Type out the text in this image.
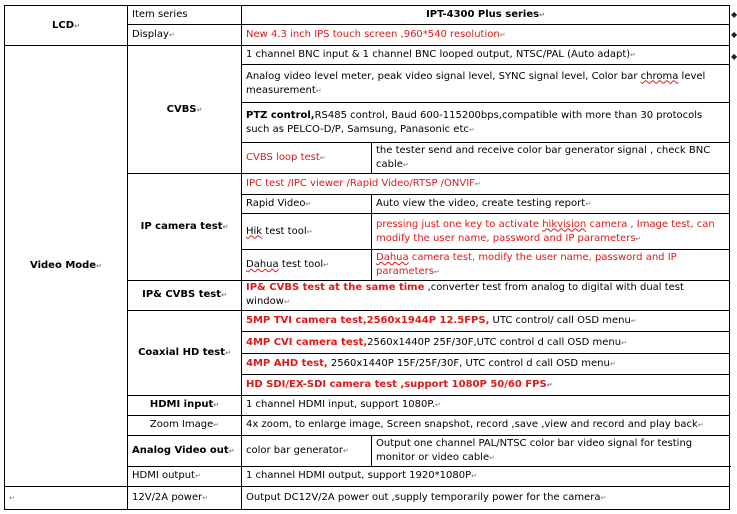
LCD↵	Item series	IPT-4300 Plus series↵	
	Display↵	New 4.3 inch IPS touch screen ,960*540 resolution↵	
Video Mode↵	CVBS↵	1 channel BNC input & 1 channel BNC looped output, NTSC/PAL (Auto adapt)↵	
		Analog video level meter, peak video signal level, SYNC signal level, Color bar chroma level measurement↵	
		PTZ control,RS485 control, Baud 600-115200bps,compatible with more than 30 protocols such as PELCO-D/P, Samsung, Panasonic etc↵	
		CVBS loop test↵	the tester send and receive color bar generator signal , check BNC cable↵
	IP camera test↵	IPC test /IPC viewer /Rapid Video/RTSP /ONVIF↵	
		Rapid Video↵	Auto view the video, create testing report↵
		Hik test tool↵	pressing just one key to activate hikvision camera , Image test, can modify the user name, password and IP parameters↵
		Dahua test tool↵	Dahua camera test, modify the user name, password and IP parameters↵
	IP& CVBS test↵	IP& CVBS test at the same time ,converter test from analog to digital with dual test window↵	
	Coaxial HD test↵	5MP TVI camera test,2560x1944P 12.5FPS, UTC control/ call OSD menu↵	
		4MP CVI camera test,2560x1440P 25F/30F,UTC control d call OSD menu↵	
		4MP AHD test, 2560x1440P 15F/25F/30F, UTC control d call OSD menu↵	
		HD SDI/EX-SDI camera test ,support 1080P 50/60 FPS↵	
	HDMI input↵	1 channel HDMI input, support 1080P.↵	
	Zoom Image↵	4x zoom, to enlarge image, Screen snapshot, record ,save ,view and record and play back↵	
	Analog Video out↵	color bar generator↵	Output one channel PAL/NTSC color bar video signal for testing monitor or video cable↵
	HDMI output↵	1 channel HDMI output, support 1920*1080P↵	
↵	12V/2A power↵	Output DC12V/2A power out ,supply temporarily power for the camera↵	
◆
◆
◆
